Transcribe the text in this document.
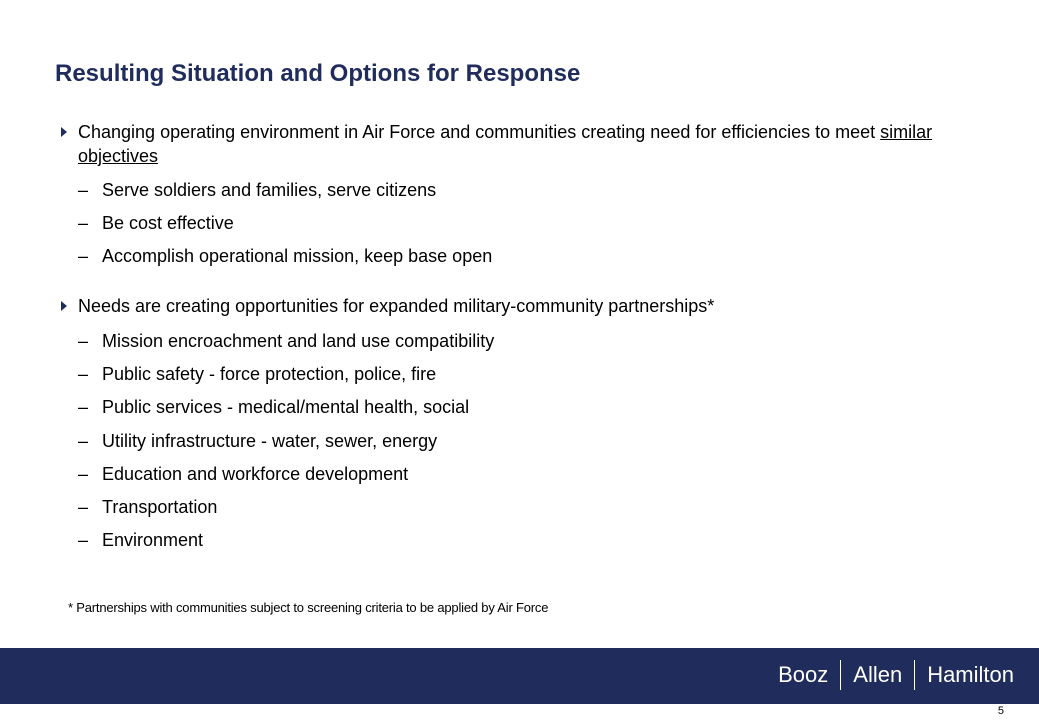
Resulting Situation and Options for Response
Changing operating environment in Air Force and communities creating need for efficiencies to meet similar objectives
– Serve soldiers and families, serve citizens
– Be cost effective
– Accomplish operational mission, keep base open
Needs are creating opportunities for expanded military-community partnerships*
– Mission encroachment and land use compatibility
– Public safety - force protection, police, fire
– Public services - medical/mental health, social
– Utility infrastructure - water, sewer, energy
– Education and workforce development
– Transportation
– Environment
* Partnerships with communities subject to screening criteria to be applied by Air Force
Booz Allen Hamilton
5
